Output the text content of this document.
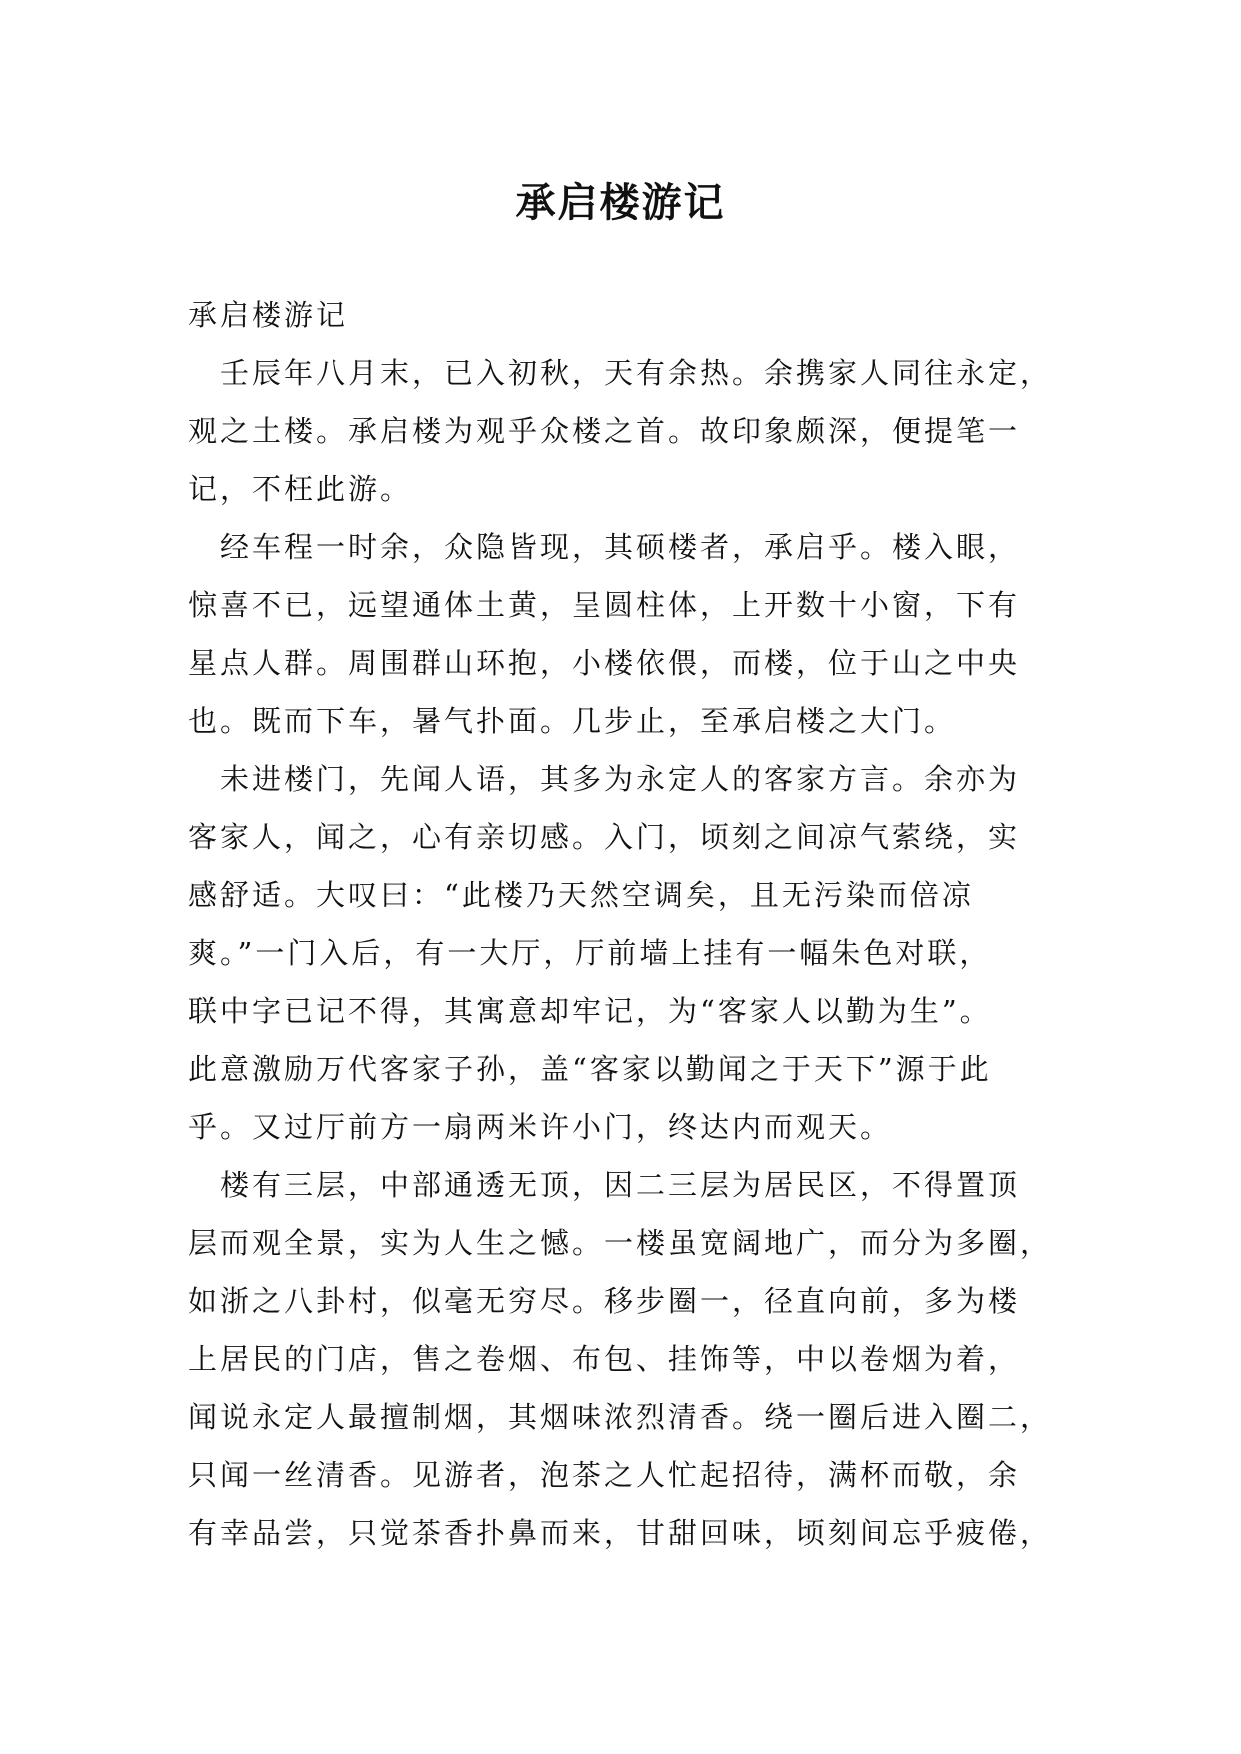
承启楼游记

承启楼游记

壬辰年八月末，已入初秋，天有余热。余携家人同往永定，
观之土楼。承启楼为观乎众楼之首。故印象颇深，便提笔一
记，不枉此游。

经车程一时余，众隐皆现，其硕楼者，承启乎。楼入眼，
惊喜不已，远望通体土黄，呈圆柱体，上开数十小窗，下有
星点人群。周围群山环抱，小楼依偎，而楼，位于山之中央
也。既而下车，暑气扑面。几步止，至承启楼之大门。

未进楼门，先闻人语，其多为永定人的客家方言。余亦为
客家人，闻之，心有亲切感。入门，顷刻之间凉气萦绕，实
感舒适。大叹曰：“此楼乃天然空调矣，且无污染而倍凉
爽。”一门入后，有一大厅，厅前墙上挂有一幅朱色对联，
联中字已记不得，其寓意却牢记，为“客家人以勤为生”。
此意激励万代客家子孙，盖“客家以勤闻之于天下”源于此
乎。又过厅前方一扇两米许小门，终达内而观天。

楼有三层，中部通透无顶，因二三层为居民区，不得置顶
层而观全景，实为人生之憾。一楼虽宽阔地广，而分为多圈，
如浙之八卦村，似毫无穷尽。移步圈一，径直向前，多为楼
上居民的门店，售之卷烟、布包、挂饰等，中以卷烟为着，
闻说永定人最擅制烟，其烟味浓烈清香。绕一圈后进入圈二，
只闻一丝清香。见游者，泡茶之人忙起招待，满杯而敬，余
有幸品尝，只觉茶香扑鼻而来，甘甜回味，顷刻间忘乎疲倦，
